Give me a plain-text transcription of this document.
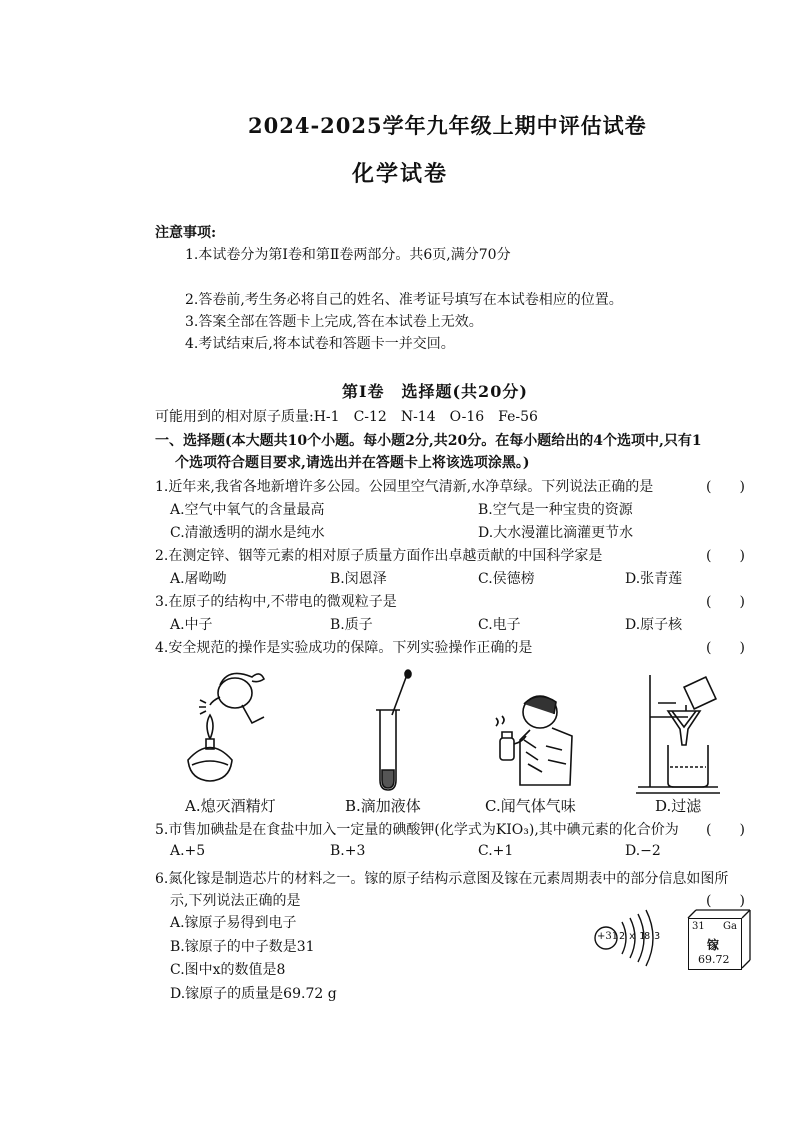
2024-2025学年九年级上期中评估试卷
化学试卷
注意事项:
1.本试卷分为第Ⅰ卷和第Ⅱ卷两部分。共6页,满分70分
2.答卷前,考生务必将自己的姓名、准考证号填写在本试卷相应的位置。
3.答案全部在答题卡上完成,答在本试卷上无效。
4.考试结束后,将本试卷和答题卡一并交回。
第Ⅰ卷　选择题(共20分)
可能用到的相对原子质量:H-1　C-12　N-14　O-16　Fe-56
一、选择题(本大题共10个小题。每小题2分,共20分。在每小题给出的4个选项中,只有1
个选项符合题目要求,请选出并在答题卡上将该选项涂黑。)
1.近年来,我省各地新增许多公园。公园里空气清新,水净草绿。下列说法正确的是	(　　)
A.空气中氧气的含量最高	B.空气是一种宝贵的资源
C.清澈透明的湖水是纯水	D.大水漫灌比滴灌更节水
2.在测定锌、铟等元素的相对原子质量方面作出卓越贡献的中国科学家是	(　　)
A.屠呦呦	B.闵恩泽	C.侯德榜	D.张青莲
3.在原子的结构中,不带电的微观粒子是	(　　)
A.中子	B.质子	C.电子	D.原子核
4.安全规范的操作是实验成功的保障。下列实验操作正确的是	(　　)
A.熄灭酒精灯	B.滴加液体	C.闻气体气味	D.过滤
5.市售加碘盐是在食盐中加入一定量的碘酸钾(化学式为KIO₃),其中碘元素的化合价为 (　　)
A.+5	B.+3	C.+1	D.−2
6.氮化镓是制造芯片的材料之一。镓的原子结构示意图及镓在元素周期表中的部分信息如图所
示,下列说法正确的是	(　　)
A.镓原子易得到电子
B.镓原子的中子数是31
C.图中x的数值是8
D.镓原子的质量是69.72 g
+31 2 x 18 3
31 Ga
镓
69.72
